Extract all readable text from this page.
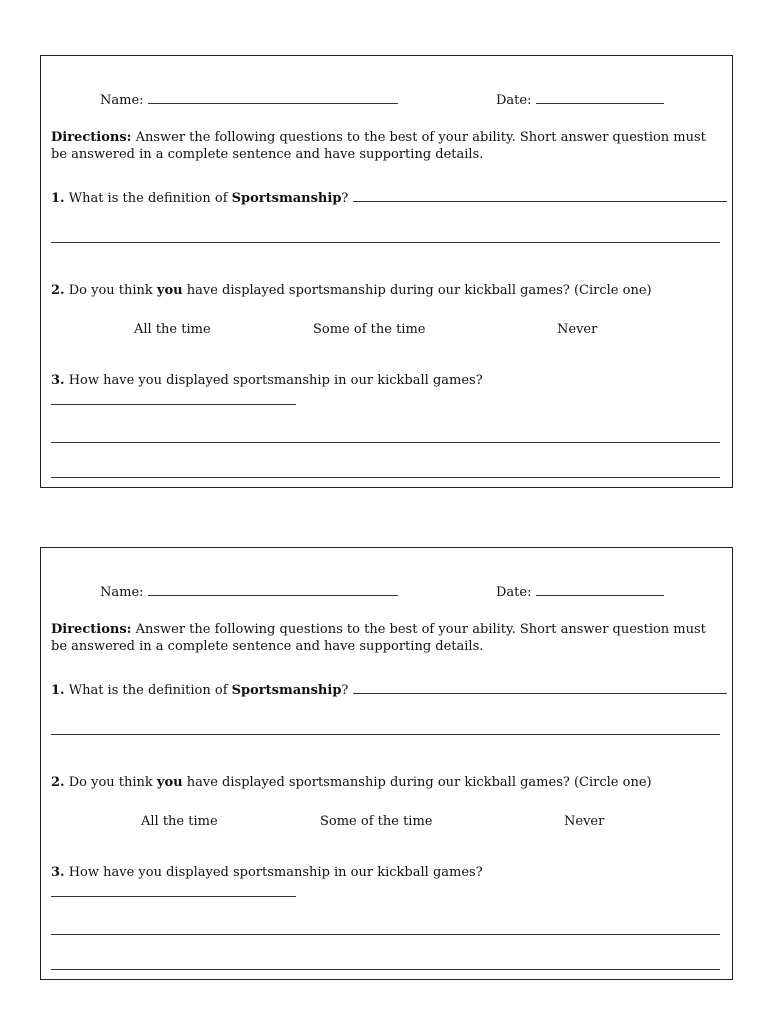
Name:	Date:
Directions: Answer the following questions to the best of your ability. Short answer question must be answered in a complete sentence and have supporting details.
1. What is the definition of Sportsmanship?
2. Do you think you have displayed sportsmanship during our kickball games? (Circle one)
All the time	Some of the time	Never
3. How have you displayed sportsmanship in our kickball games?
Name:	Date:
Directions: Answer the following questions to the best of your ability. Short answer question must be answered in a complete sentence and have supporting details.
1. What is the definition of Sportsmanship?
2. Do you think you have displayed sportsmanship during our kickball games? (Circle one)
All the time	Some of the time	Never
3. How have you displayed sportsmanship in our kickball games?
